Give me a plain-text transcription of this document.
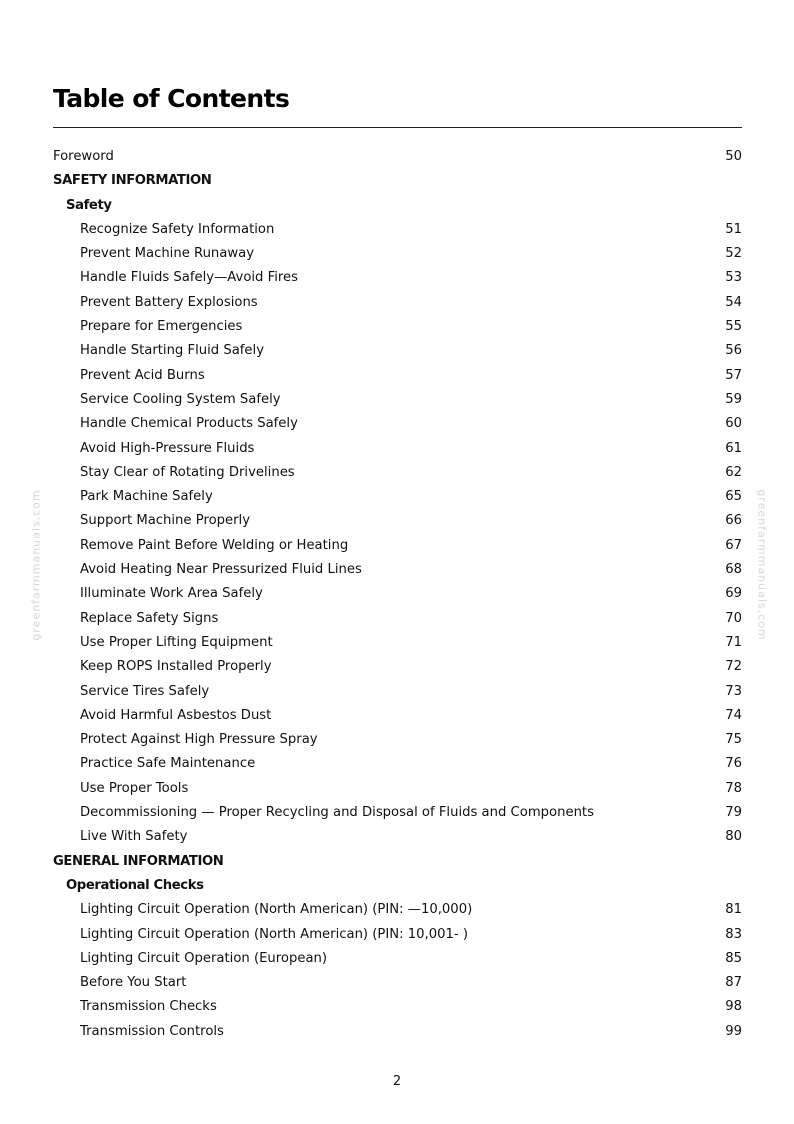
greenfarmmanuals.com	greenfarmmanuals.com
Table of Contents
Foreword	50
SAFETY INFORMATION
Safety
Recognize Safety Information	51
Prevent Machine Runaway	52
Handle Fluids Safely—Avoid Fires	53
Prevent Battery Explosions	54
Prepare for Emergencies	55
Handle Starting Fluid Safely	56
Prevent Acid Burns	57
Service Cooling System Safely	59
Handle Chemical Products Safely	60
Avoid High-Pressure Fluids	61
Stay Clear of Rotating Drivelines	62
Park Machine Safely	65
Support Machine Properly	66
Remove Paint Before Welding or Heating	67
Avoid Heating Near Pressurized Fluid Lines	68
Illuminate Work Area Safely	69
Replace Safety Signs	70
Use Proper Lifting Equipment	71
Keep ROPS Installed Properly	72
Service Tires Safely	73
Avoid Harmful Asbestos Dust	74
Protect Against High Pressure Spray	75
Practice Safe Maintenance	76
Use Proper Tools	78
Decommissioning — Proper Recycling and Disposal of Fluids and Components	79
Live With Safety	80
GENERAL INFORMATION
Operational Checks
Lighting Circuit Operation (North American) (PIN: —10,000)	81
Lighting Circuit Operation (North American) (PIN: 10,001- )	83
Lighting Circuit Operation (European)	85
Before You Start	87
Transmission Checks	98
Transmission Controls	99
2
